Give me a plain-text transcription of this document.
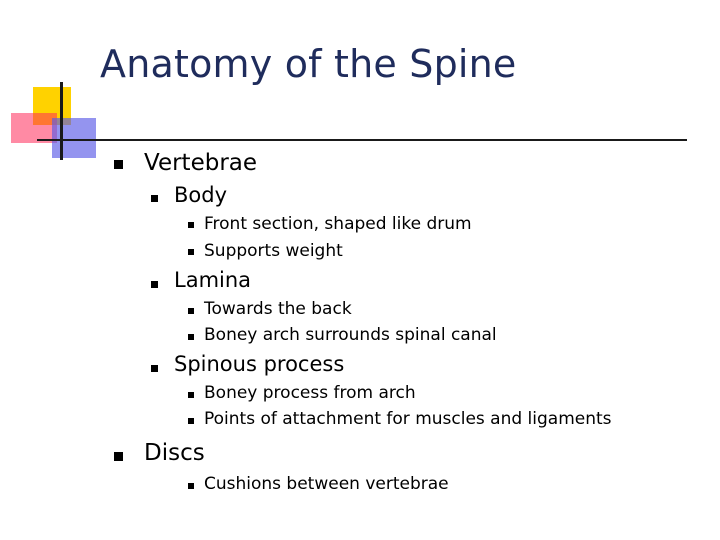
Anatomy of the Spine
Vertebrae
Body
Front section, shaped like drum
Supports weight
Lamina
Towards the back
Boney arch surrounds spinal canal
Spinous process
Boney process from arch
Points of attachment for muscles and ligaments
Discs
Cushions between vertebrae
